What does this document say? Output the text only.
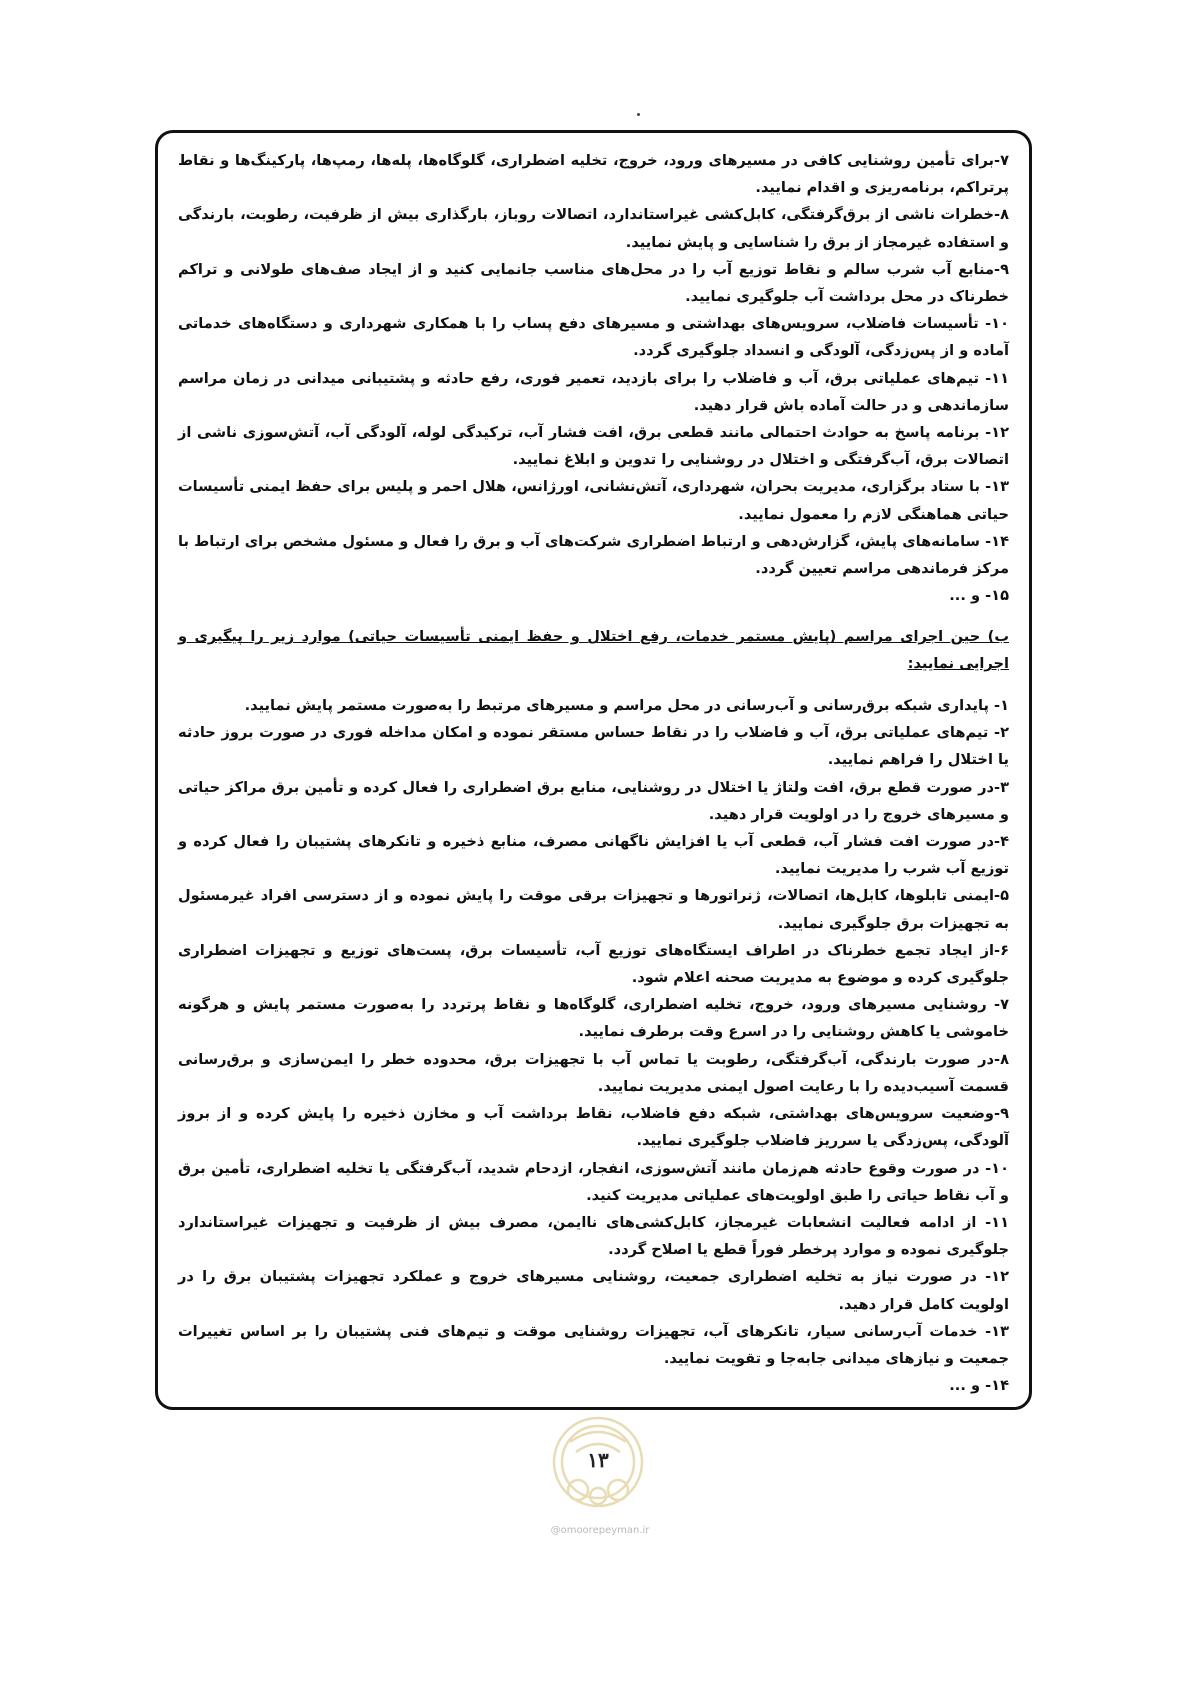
۷-برای تأمین روشنایی کافی در مسیرهای ورود، خروج، تخلیه اضطراری، گلوگاه‌ها، پله‌ها، رمپ‌ها، پارکینگ‌ها و نقاط پرتراکم، برنامه‌ریزی و اقدام نمایید.

۸-خطرات ناشی از برق‌گرفتگی، کابل‌کشی غیراستاندارد، اتصالات روباز، بارگذاری بیش از ظرفیت، رطوبت، بارندگی و استفاده غیرمجاز از برق را شناسایی و پایش نمایید.

۹-منابع آب شرب سالم و نقاط توزیع آب را در محل‌های مناسب جانمایی کنید و از ایجاد صف‌های طولانی و تراکم خطرناک در محل برداشت آب جلوگیری نمایید.

۱۰- تأسیسات فاضلاب، سرویس‌های بهداشتی و مسیرهای دفع پساب را با همکاری شهرداری و دستگاه‌های خدماتی آماده و از پس‌زدگی، آلودگی و انسداد جلوگیری گردد.

۱۱- تیم‌های عملیاتی برق، آب و فاضلاب را برای بازدید، تعمیر فوری، رفع حادثه و پشتیبانی میدانی در زمان مراسم سازماندهی و در حالت آماده باش قرار دهید.

۱۲- برنامه پاسخ به حوادث احتمالی مانند قطعی برق، افت فشار آب، ترکیدگی لوله، آلودگی آب، آتش‌سوزی ناشی از اتصالات برق، آب‌گرفتگی و اختلال در روشنایی را تدوین و ابلاغ نمایید.

۱۳- با ستاد برگزاری، مدیریت بحران، شهرداری، آتش‌نشانی، اورژانس، هلال احمر و پلیس برای حفظ ایمنی تأسیسات حیاتی هماهنگی لازم را معمول نمایید.

۱۴- سامانه‌های پایش، گزارش‌دهی و ارتباط اضطراری شرکت‌های آب و برق را فعال و مسئول مشخص برای ارتباط با مرکز فرماندهی مراسم تعیین گردد.

۱۵- و ...

ب) حین اجرای مراسم (پایش مستمر خدمات، رفع اختلال و حفظ ایمنی تأسیسات حیاتی) موارد زیر را پیگیری و اجرایی نمایید:

۱- پایداری شبکه برق‌رسانی و آب‌رسانی در محل مراسم و مسیرهای مرتبط را به‌صورت مستمر پایش نمایید.

۲- تیم‌های عملیاتی برق، آب و فاضلاب را در نقاط حساس مستقر نموده و امکان مداخله فوری در صورت بروز حادثه یا اختلال را فراهم نمایید.

۳-در صورت قطع برق، افت ولتاژ یا اختلال در روشنایی، منابع برق اضطراری را فعال کرده و تأمین برق مراکز حیاتی و مسیرهای خروج را در اولویت قرار دهید.

۴-در صورت افت فشار آب، قطعی آب یا افزایش ناگهانی مصرف، منابع ذخیره و تانکرهای پشتیبان را فعال کرده و توزیع آب شرب را مدیریت نمایید.

۵-ایمنی تابلوها، کابل‌ها، اتصالات، ژنراتورها و تجهیزات برقی موقت را پایش نموده و از دسترسی افراد غیرمسئول به تجهیزات برق جلوگیری نمایید.

۶-از ایجاد تجمع خطرناک در اطراف ایستگاه‌های توزیع آب، تأسیسات برق، پست‌های توزیع و تجهیزات اضطراری جلوگیری کرده و موضوع به مدیریت صحنه اعلام شود.

۷- روشنایی مسیرهای ورود، خروج، تخلیه اضطراری، گلوگاه‌ها و نقاط پرتردد را به‌صورت مستمر پایش و هرگونه خاموشی یا کاهش روشنایی را در اسرع وقت برطرف نمایید.

۸-در صورت بارندگی، آب‌گرفتگی، رطوبت یا تماس آب با تجهیزات برق، محدوده خطر را ایمن‌سازی و برق‌رسانی قسمت آسیب‌دیده را با رعایت اصول ایمنی مدیریت نمایید.

۹-وضعیت سرویس‌های بهداشتی، شبکه دفع فاضلاب، نقاط برداشت آب و مخازن ذخیره را پایش کرده و از بروز آلودگی، پس‌زدگی یا سرریز فاضلاب جلوگیری نمایید.

۱۰- در صورت وقوع حادثه هم‌زمان مانند آتش‌سوزی، انفجار، ازدحام شدید، آب‌گرفتگی یا تخلیه اضطراری، تأمین برق و آب نقاط حیاتی را طبق اولویت‌های عملیاتی مدیریت کنید.

۱۱- از ادامه فعالیت انشعابات غیرمجاز، کابل‌کشی‌های ناایمن، مصرف بیش از ظرفیت و تجهیزات غیراستاندارد جلوگیری نموده و موارد پرخطر فوراً قطع یا اصلاح گردد.

۱۲- در صورت نیاز به تخلیه اضطراری جمعیت، روشنایی مسیرهای خروج و عملکرد تجهیزات پشتیبان برق را در اولویت کامل قرار دهید.

۱۳- خدمات آب‌رسانی سیار، تانکرهای آب، تجهیزات روشنایی موقت و تیم‌های فنی پشتیبان را بر اساس تغییرات جمعیت و نیازهای میدانی جابه‌جا و تقویت نمایید.

۱۴- و ...

۱۳
@omoorepeyman.ir
